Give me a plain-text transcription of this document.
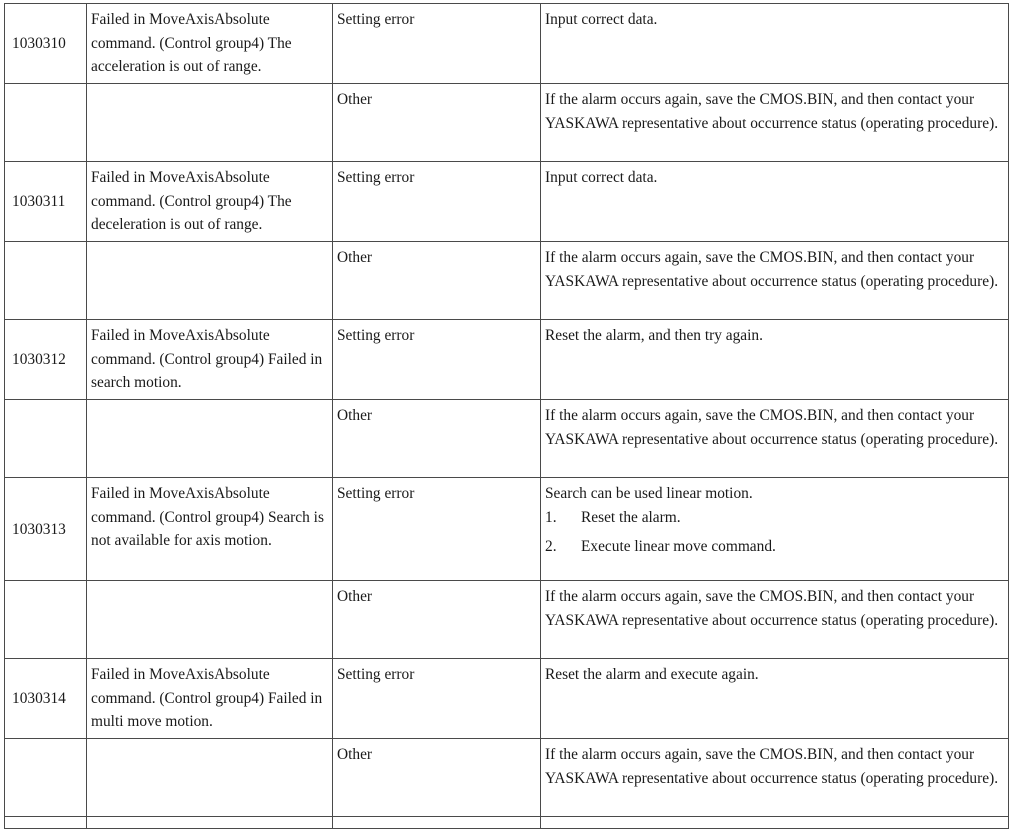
1030310	Failed in MoveAxisAbsolute command. (Control group4) The acceleration is out of range.	Setting error	Input correct data.
		Other	If the alarm occurs again, save the CMOS.BIN, and then contact your YASKAWA representative about occurrence status (operating procedure).
1030311	Failed in MoveAxisAbsolute command. (Control group4) The deceleration is out of range.	Setting error	Input correct data.
		Other	If the alarm occurs again, save the CMOS.BIN, and then contact your YASKAWA representative about occurrence status (operating procedure).
1030312	Failed in MoveAxisAbsolute command. (Control group4) Failed in search motion.	Setting error	Reset the alarm, and then try again.
		Other	If the alarm occurs again, save the CMOS.BIN, and then contact your YASKAWA representative about occurrence status (operating procedure).
1030313	Failed in MoveAxisAbsolute command. (Control group4) Search is not available for axis motion.	Setting error	Search can be used linear motion.
1. Reset the alarm.
2. Execute linear move command.

		Other	If the alarm occurs again, save the CMOS.BIN, and then contact your YASKAWA representative about occurrence status (operating procedure).
1030314	Failed in MoveAxisAbsolute command. (Control group4) Failed in multi move motion.	Setting error	Reset the alarm and execute again.
		Other	If the alarm occurs again, save the CMOS.BIN, and then contact your YASKAWA representative about occurrence status (operating procedure).
